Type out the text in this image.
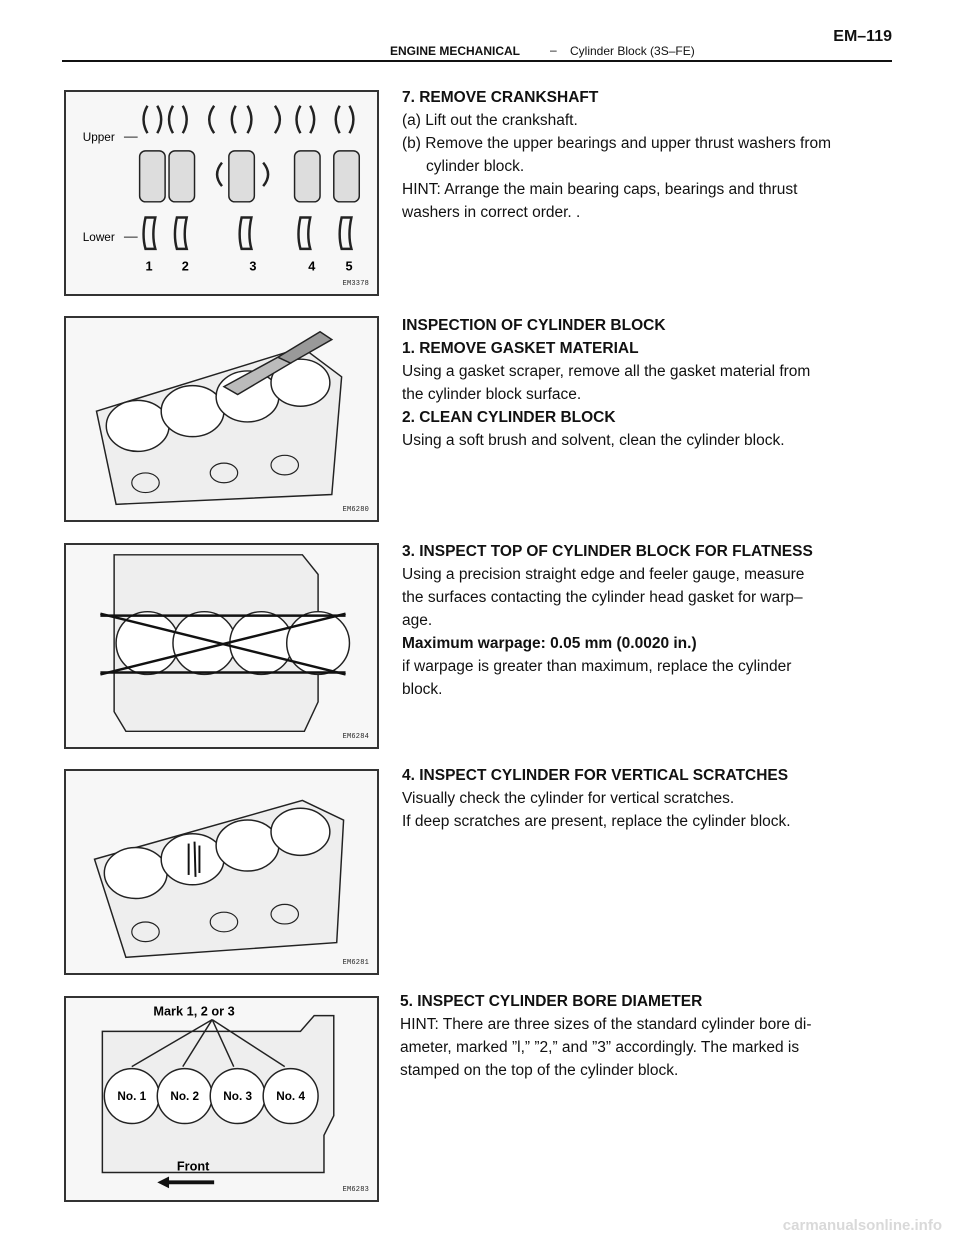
ENGINE MECHANICAL – Cylinder Block (3S–FE)
EM–119
Upper
Lower
1 2	3	4 5
EM3378
EM6280
EM6284
EM6281
Mark 1, 2 or 3
No. 1 No. 2 No. 3 No. 4
Front
EM6283

7. REMOVE CRANKSHAFT

(a) Lift out the crankshaft.

(b) Remove the upper bearings and upper thrust washers from

cylinder block.

HINT: Arrange the main bearing caps, bearings and thrust

washers in correct order. .

INSPECTION OF CYLINDER BLOCK

1. REMOVE GASKET MATERIAL

Using a gasket scraper, remove all the gasket material from

the cylinder block surface.

2. CLEAN CYLINDER BLOCK

Using a soft brush and solvent, clean the cylinder block.

3. INSPECT TOP OF CYLINDER BLOCK FOR FLATNESS

Using a precision straight edge and feeler gauge, measure

the surfaces contacting the cylinder head gasket for warp–

age.

Maximum warpage: 0.05 mm (0.0020 in.)

if warpage is greater than maximum, replace the cylinder

block.

4. INSPECT CYLINDER FOR VERTICAL SCRATCHES

Visually check the cylinder for vertical scratches.

If deep scratches are present, replace the cylinder block.

5. INSPECT CYLINDER BORE DIAMETER

HINT: There are three sizes of the standard cylinder bore di-

ameter, marked ”l,” ”2,” and ”3” accordingly. The marked is

stamped on the top of the cylinder block.

carmanualsonline.info
